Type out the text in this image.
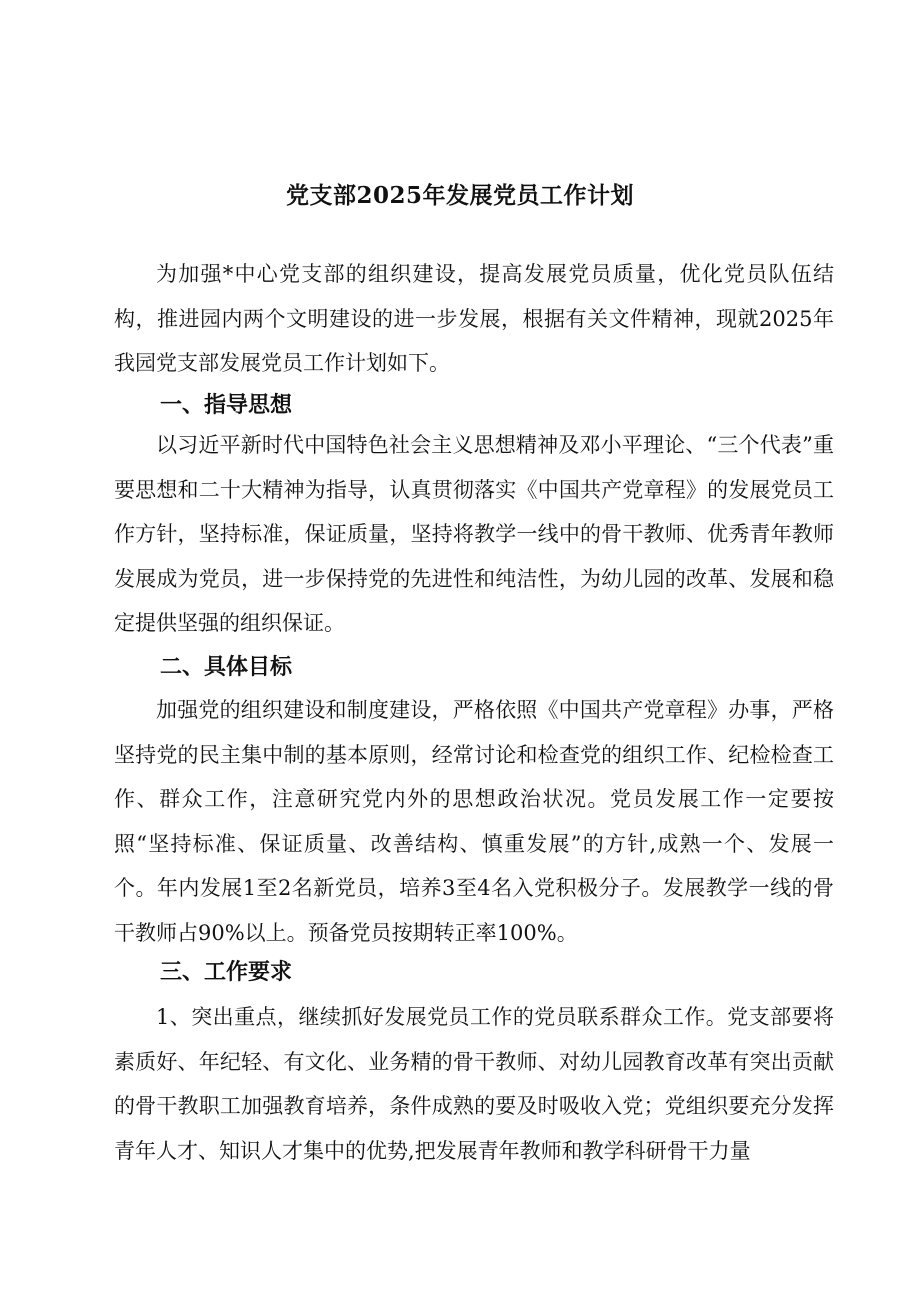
党支部2025年发展党员工作计划

为加强*中心党支部的组织建设，提高发展党员质量，优化党员队伍结构，推进园内两个文明建设的进一步发展，根据有关文件精神，现就2025年我园党支部发展党员工作计划如下。

一、指导思想

以习近平新时代中国特色社会主义思想精神及邓小平理论、“三个代表”重要思想和二十大精神为指导，认真贯彻落实《中国共产党章程》的发展党员工作方针，坚持标准，保证质量，坚持将教学一线中的骨干教师、优秀青年教师发展成为党员，进一步保持党的先进性和纯洁性，为幼儿园的改革、发展和稳定提供坚强的组织保证。

二、具体目标

加强党的组织建设和制度建设，严格依照《中国共产党章程》办事，严格坚持党的民主集中制的基本原则，经常讨论和检查党的组织工作、纪检检查工作、群众工作，注意研究党内外的思想政治状况。党员发展工作一定要按照“坚持标准、保证质量、改善结构、慎重发展”的方针,成熟一个、发展一个。年内发展1至2名新党员，培养3至4名入党积极分子。发展教学一线的骨干教师占90%以上。预备党员按期转正率100%。

三、工作要求

1、突出重点，继续抓好发展党员工作的党员联系群众工作。党支部要将素质好、年纪轻、有文化、业务精的骨干教师、对幼儿园教育改革有突出贡献的骨干教职工加强教育培养，条件成熟的要及时吸收入党；党组织要充分发挥青年人才、知识人才集中的优势,把发展青年教师和教学科研骨干力量
